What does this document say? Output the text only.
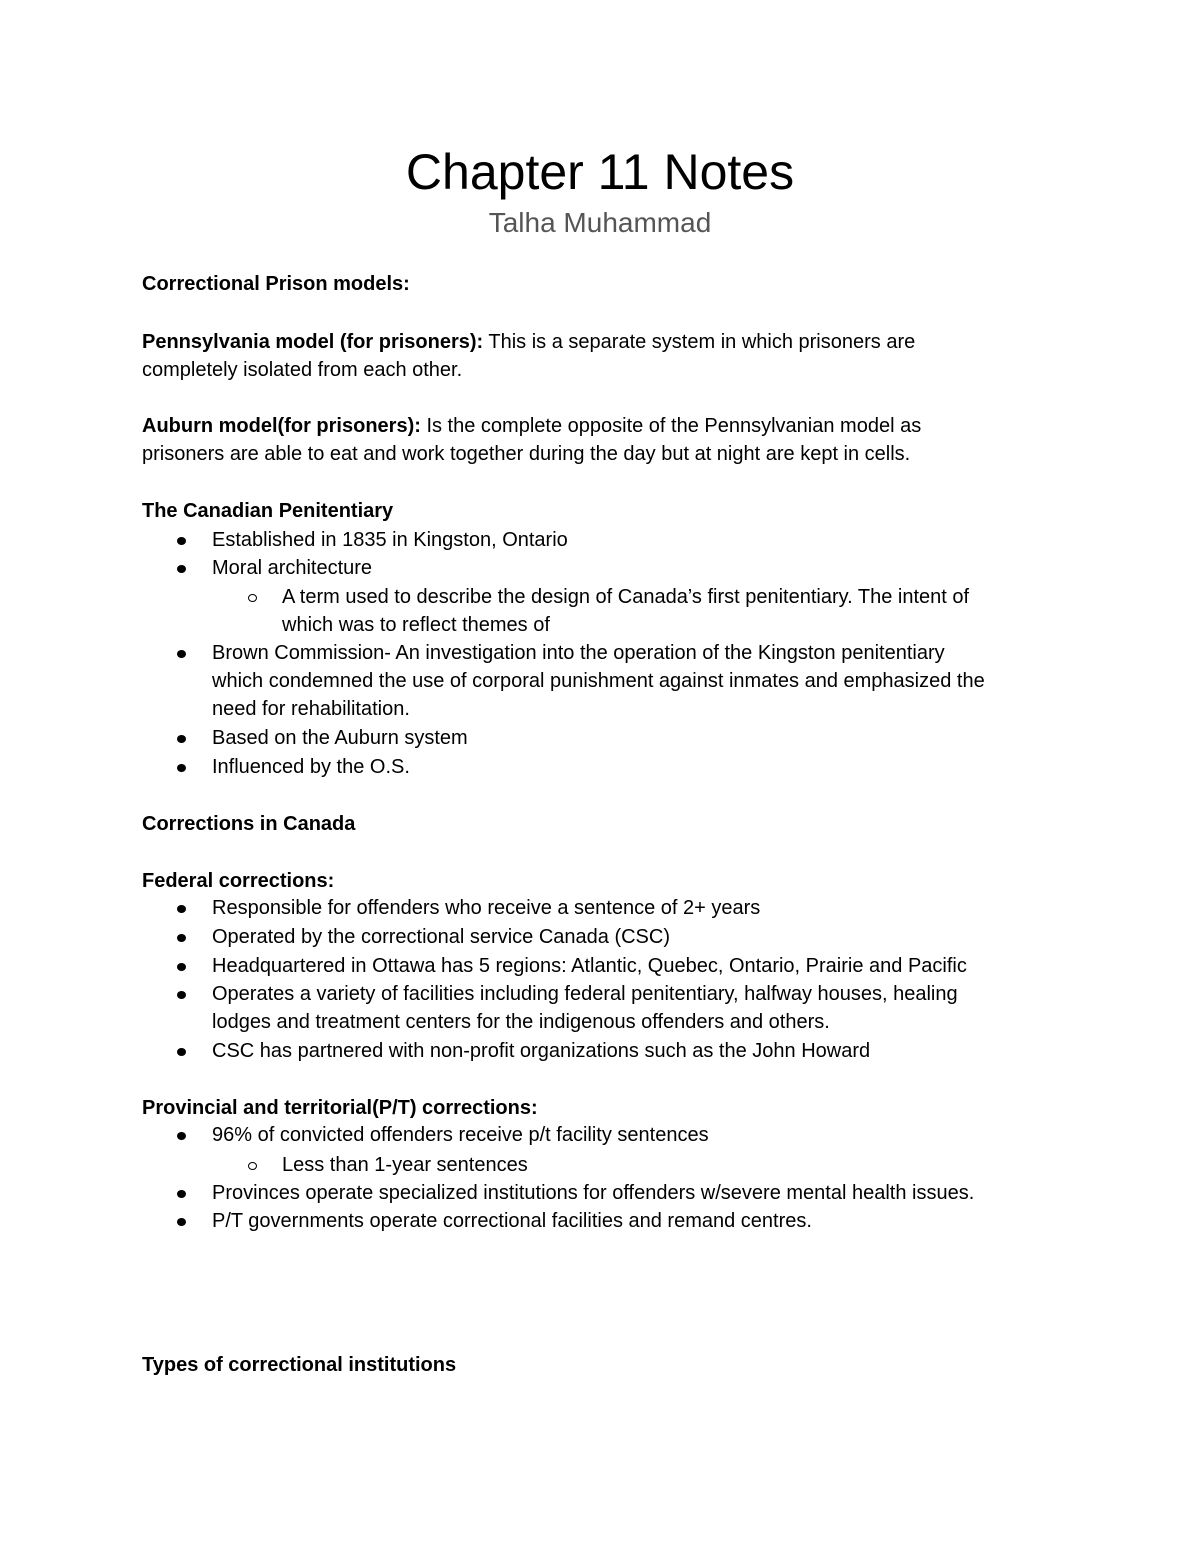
Chapter 11 Notes
Talha Muhammad
Correctional Prison models:
Pennsylvania model (for prisoners): This is a separate system in which prisoners are
completely isolated from each other.
Auburn model(for prisoners): Is the complete opposite of the Pennsylvanian model as
prisoners are able to eat and work together during the day but at night are kept in cells.
The Canadian Penitentiary
Established in 1835 in Kingston, Ontario
Moral architecture
A term used to describe the design of Canada’s first penitentiary. The intent of
which was to reflect themes of
Brown Commission- An investigation into the operation of the Kingston penitentiary
which condemned the use of corporal punishment against inmates and emphasized the
need for rehabilitation.
Based on the Auburn system
Influenced by the O.S.
Corrections in Canada
Federal corrections:
Responsible for offenders who receive a sentence of 2+ years
Operated by the correctional service Canada (CSC)
Headquartered in Ottawa has 5 regions: Atlantic, Quebec, Ontario, Prairie and Pacific
Operates a variety of facilities including federal penitentiary, halfway houses, healing
lodges and treatment centers for the indigenous offenders and others.
CSC has partnered with non-profit organizations such as the John Howard
Provincial and territorial(P/T) corrections:
96% of convicted offenders receive p/t facility sentences
Less than 1-year sentences
Provinces operate specialized institutions for offenders w/severe mental health issues.
P/T governments operate correctional facilities and remand centres.
Types of correctional institutions
